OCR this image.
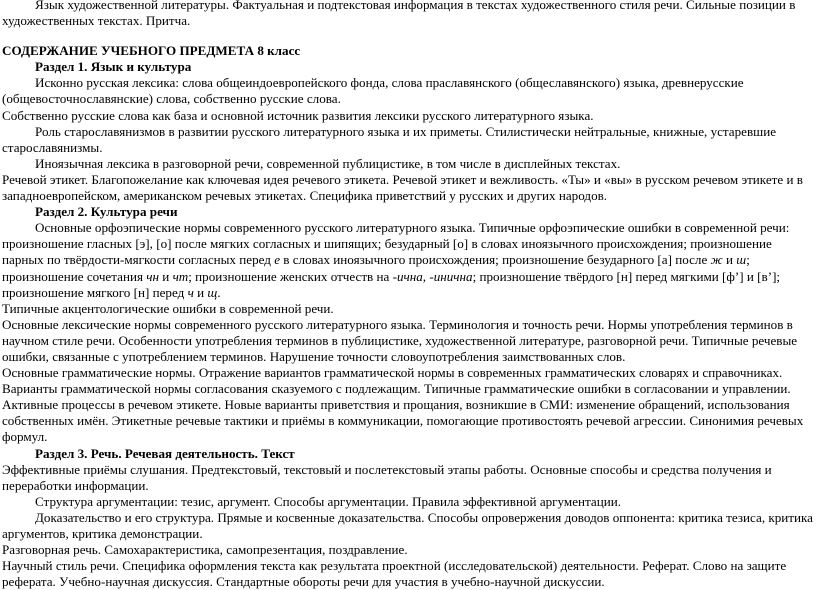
Язык художественной литературы. Фактуальная и подтекстовая информация в текстах художественного стиля речи. Сильные позиции в художественных текстах. Притча.

СОДЕРЖАНИЕ УЧЕБНОГО ПРЕДМЕТА 8 класс

Раздел 1. Язык и культура

Исконно русская лексика: слова общеиндоевропейского фонда, слова праславянского (общеславянского) языка, древнерусские (общевосточнославянские) слова, собственно русские слова.

Собственно русские слова как база и основной источник развития лексики русского литературного языка.

Роль старославянизмов в развитии русского литературного языка и их приметы. Стилистически нейтральные, книжные, устаревшие старославянизмы.

Иноязычная лексика в разговорной речи, современной публицистике, в том числе в дисплейных текстах.

Речевой этикет. Благопожелание как ключевая идея речевого этикета. Речевой этикет и вежливость. «Ты» и «вы» в русском речевом этикете и в западноевропейском, американском речевых этикетах. Специфика приветствий у русских и других народов.

Раздел 2. Культура речи

Основные орфоэпические нормы современного русского литературного языка. Типичные орфоэпические ошибки в современной речи: произношение гласных [э], [о] после мягких согласных и шипящих; безударный [о] в словах иноязычного происхождения; произношение парных по твёрдости-мягкости согласных перед е в словах иноязычного происхождения; произношение безударного [а] после ж и ш; произношение сочетания чн и чт; произношение женских отчеств на -ичнa, -инична; произношение твёрдого [н] перед мягкими [ф’] и [в’]; произношение мягкого [н] перед ч и щ.

Типичные акцентологические ошибки в современной речи.

Основные лексические нормы современного русского литературного языка. Терминология и точность речи. Нормы употребления терминов в научном стиле речи. Особенности употребления терминов в публицистике, художественной литературе, разговорной речи. Типичные речевые ошибки, связанные с употреблением терминов. Нарушение точности словоупотребления заимствованных слов.

Основные грамматические нормы. Отражение вариантов грамматической нормы в современных грамматических словарях и справочниках. Варианты грамматической нормы согласования сказуемого с подлежащим. Типичные грамматические ошибки в согласовании и управлении.

Активные процессы в речевом этикете. Новые варианты приветствия и прощания, возникшие в СМИ: изменение обращений, использования собственных имён. Этикетные речевые тактики и приёмы в коммуникации, помогающие противостоять речевой агрессии. Синонимия речевых формул.

Раздел 3. Речь. Речевая деятельность. Текст

Эффективные приёмы слушания. Предтекстовый, текстовый и послетекстовый этапы работы. Основные способы и средства получения и переработки информации.

Структура аргументации: тезис, аргумент. Способы аргументации. Правила эффективной аргументации.

Доказательство и его структура. Прямые и косвенные доказательства. Способы опровержения доводов оппонента: критика тезиса, критика аргументов, критика демонстрации.

Разговорная речь. Самохарактеристика, самопрезентация, поздравление.

Научный стиль речи. Специфика оформления текста как результата проектной (исследовательской) деятельности. Реферат. Слово на защите реферата. Учебно-научная дискуссия. Стандартные обороты речи для участия в учебно-научной дискуссии.
